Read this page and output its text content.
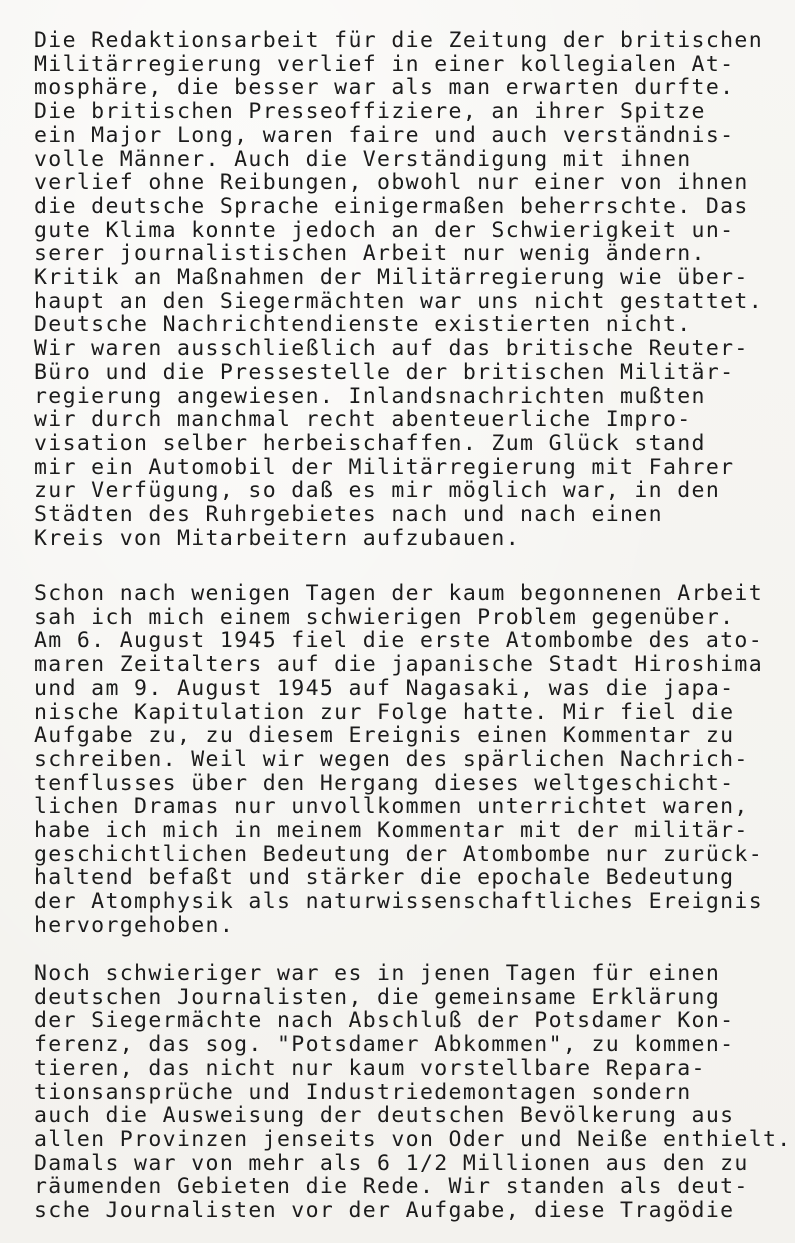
Die Redaktionsarbeit für die Zeitung der britischen
Militärregierung verlief in einer kollegialen At-
mosphäre, die besser war als man erwarten durfte.
Die britischen Presseoffiziere, an ihrer Spitze
ein Major Long, waren faire und auch verständnis-
volle Männer. Auch die Verständigung mit ihnen
verlief ohne Reibungen, obwohl nur einer von ihnen
die deutsche Sprache einigermaßen beherrschte. Das
gute Klima konnte jedoch an der Schwierigkeit un-
serer journalistischen Arbeit nur wenig ändern.
Kritik an Maßnahmen der Militärregierung wie über-
haupt an den Siegermächten war uns nicht gestattet.
Deutsche Nachrichtendienste existierten nicht.
Wir waren ausschließlich auf das britische Reuter-
Büro und die Pressestelle der britischen Militär-
regierung angewiesen. Inlandsnachrichten mußten
wir durch manchmal recht abenteuerliche Impro-
visation selber herbeischaffen. Zum Glück stand
mir ein Automobil der Militärregierung mit Fahrer
zur Verfügung, so daß es mir möglich war, in den
Städten des Ruhrgebietes nach und nach einen
Kreis von Mitarbeitern aufzubauen.
Schon nach wenigen Tagen der kaum begonnenen Arbeit
sah ich mich einem schwierigen Problem gegenüber.
Am 6. August 1945 fiel die erste Atombombe des ato-
maren Zeitalters auf die japanische Stadt Hiroshima
und am 9. August 1945 auf Nagasaki, was die japa-
nische Kapitulation zur Folge hatte. Mir fiel die
Aufgabe zu, zu diesem Ereignis einen Kommentar zu
schreiben. Weil wir wegen des spärlichen Nachrich-
tenflusses über den Hergang dieses weltgeschicht-
lichen Dramas nur unvollkommen unterrichtet waren,
habe ich mich in meinem Kommentar mit der militär-
geschichtlichen Bedeutung der Atombombe nur zurück-
haltend befaßt und stärker die epochale Bedeutung
der Atomphysik als naturwissenschaftliches Ereignis
hervorgehoben.
Noch schwieriger war es in jenen Tagen für einen
deutschen Journalisten, die gemeinsame Erklärung
der Siegermächte nach Abschluß der Potsdamer Kon-
ferenz, das sog. "Potsdamer Abkommen", zu kommen-
tieren, das nicht nur kaum vorstellbare Repara-
tionsansprüche und Industriedemontagen sondern
auch die Ausweisung der deutschen Bevölkerung aus
allen Provinzen jenseits von Oder und Neiße enthielt.
Damals war von mehr als 6 1/2 Millionen aus den zu
räumenden Gebieten die Rede. Wir standen als deut-
sche Journalisten vor der Aufgabe, diese Tragödie
